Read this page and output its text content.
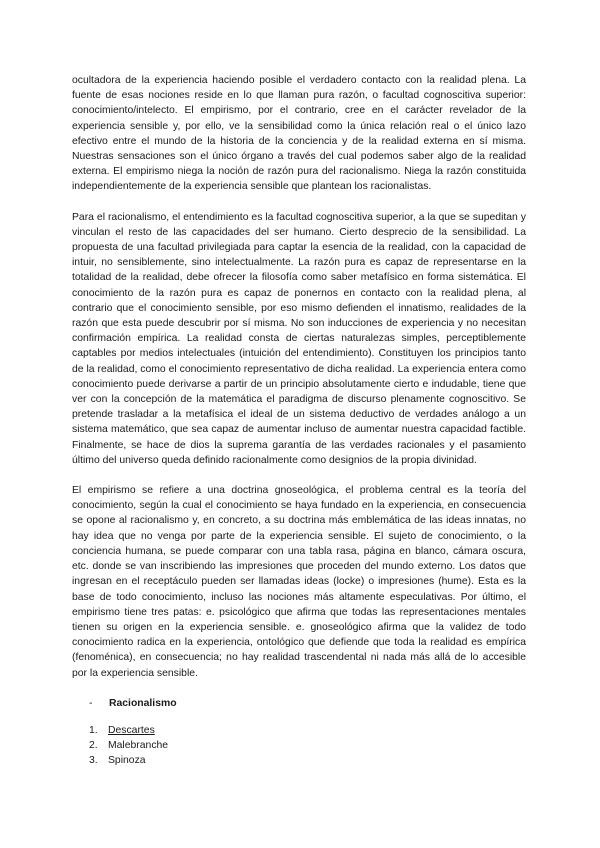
ocultadora de la experiencia haciendo posible el verdadero contacto con la realidad plena. La fuente de esas nociones reside en lo que llaman pura razón, o facultad cognoscitiva superior: conocimiento/intelecto. El empirismo, por el contrario, cree en el carácter revelador de la experiencia sensible y, por ello, ve la sensibilidad como la única relación real o el único lazo efectivo entre el mundo de la historia de la conciencia y de la realidad externa en sí misma. Nuestras sensaciones son el único órgano a través del cual podemos saber algo de la realidad externa. El empirismo niega la noción de razón pura del racionalismo. Niega la razón constituida independientemente de la experiencia sensible que plantean los racionalistas.

Para el racionalismo, el entendimiento es la facultad cognoscitiva superior, a la que se supeditan y vinculan el resto de las capacidades del ser humano. Cierto desprecio de la sensibilidad. La propuesta de una facultad privilegiada para captar la esencia de la realidad, con la capacidad de intuir, no sensiblemente, sino intelectualmente. La razón pura es capaz de representarse en la totalidad de la realidad, debe ofrecer la filosofía como saber metafísico en forma sistemática. El conocimiento de la razón pura es capaz de ponernos en contacto con la realidad plena, al contrario que el conocimiento sensible, por eso mismo defienden el innatismo, realidades de la razón que esta puede descubrir por sí misma. No son inducciones de experiencia y no necesitan confirmación empírica. La realidad consta de ciertas naturalezas simples, perceptiblemente captables por medios intelectuales (intuición del entendimiento). Constituyen los principios tanto de la realidad, como el conocimiento representativo de dicha realidad. La experiencia entera como conocimiento puede derivarse a partir de un principio absolutamente cierto e indudable, tiene que ver con la concepción de la matemática el paradigma de discurso plenamente cognoscitivo. Se pretende trasladar a la metafísica el ideal de un sistema deductivo de verdades análogo a un sistema matemático, que sea capaz de aumentar incluso de aumentar nuestra capacidad factible. Finalmente, se hace de dios la suprema garantía de las verdades racionales y el pasamiento último del universo queda definido racionalmente como designios de la propia divinidad.

El empirismo se refiere a una doctrina gnoseológica, el problema central es la teoría del conocimiento, según la cual el conocimiento se haya fundado en la experiencia, en consecuencia se opone al racionalismo y, en concreto, a su doctrina más emblemática de las ideas innatas, no hay idea que no venga por parte de la experiencia sensible. El sujeto de conocimiento, o la conciencia humana, se puede comparar con una tabla rasa, página en blanco, cámara oscura, etc. donde se van inscribiendo las impresiones que proceden del mundo externo. Los datos que ingresan en el receptáculo pueden ser llamadas ideas (locke) o impresiones (hume). Esta es la base de todo conocimiento, incluso las nociones más altamente especulativas. Por último, el empirismo tiene tres patas: e. psicológico que afirma que todas las representaciones mentales tienen su origen en la experiencia sensible. e. gnoseológico afirma que la validez de todo conocimiento radica en la experiencia, ontológico que defiende que toda la realidad es empírica (fenoménica), en consecuencia; no hay realidad trascendental ni nada más allá de lo accesible por la experiencia sensible.

-	Racionalismo
1. Descartes
2. Malebranche
3. Spinoza
